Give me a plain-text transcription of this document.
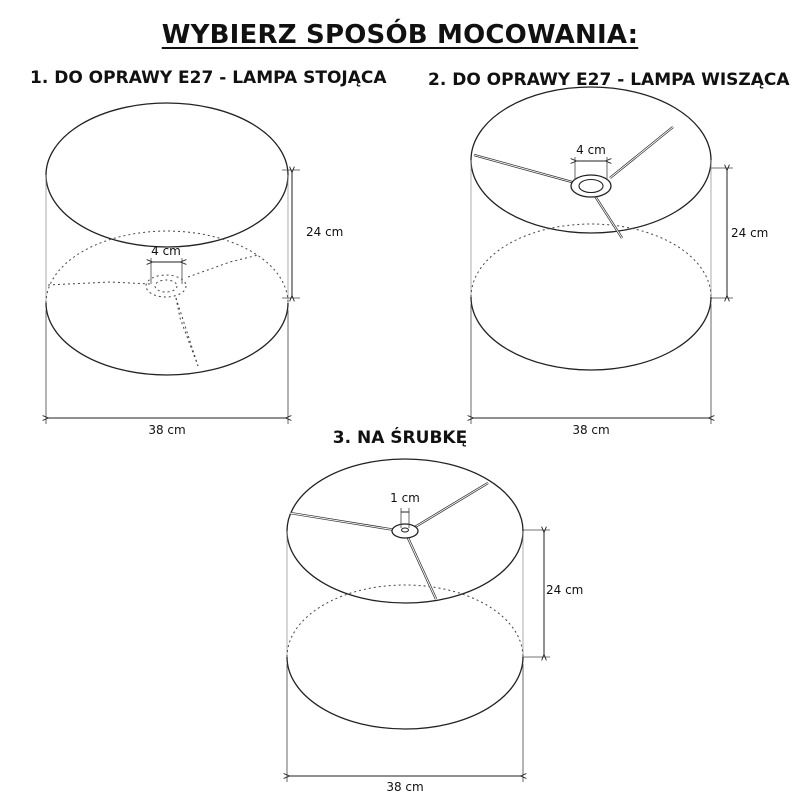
WYBIERZ SPOSÓB MOCOWANIA:
1. DO OPRAWY E27 - LAMPA STOJĄCA 2. DO OPRAWY E27 - LAMPA WISZĄCA
3. NA ŚRUBKĘ
4 cm
24 cm
38 cm
4 cm
24 cm
38 cm
1 cm
24 cm
38 cm
